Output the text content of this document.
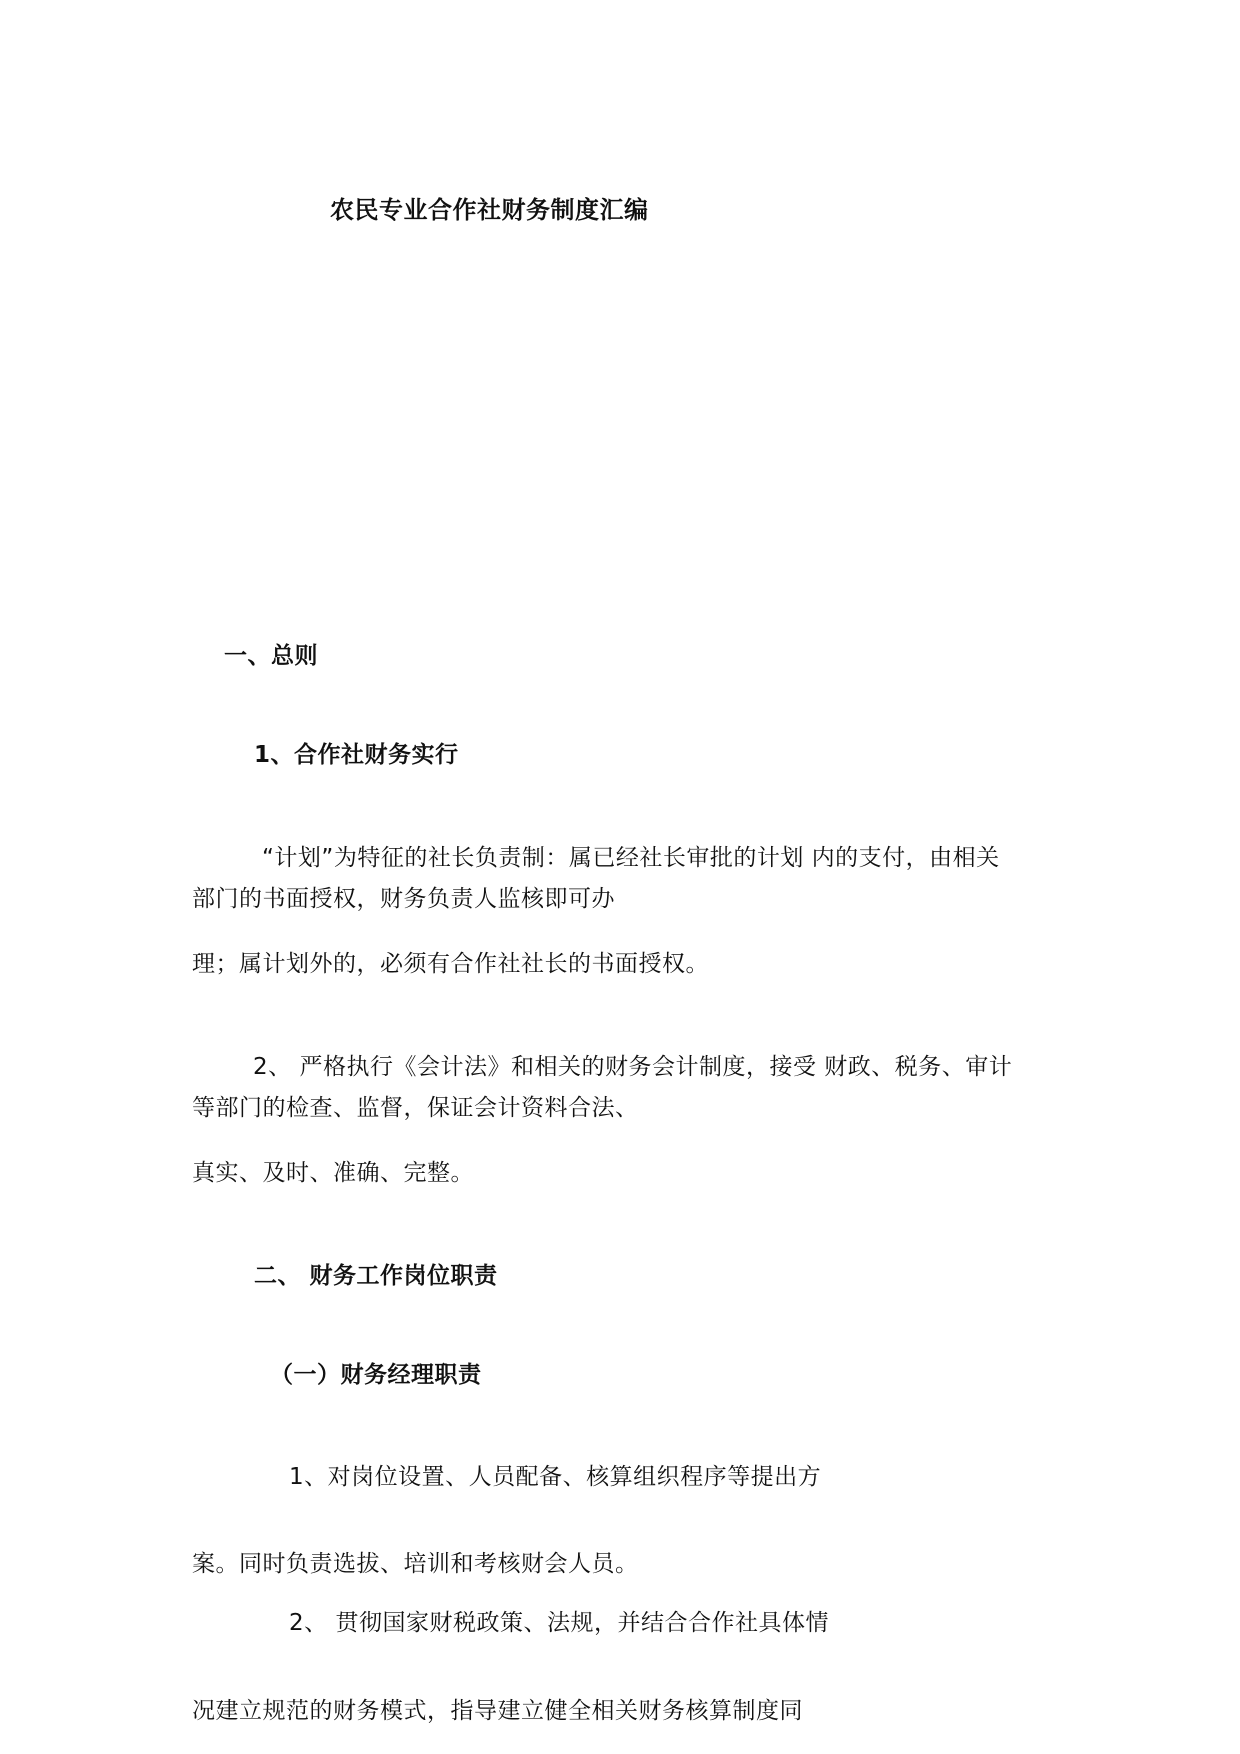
农民专业合作社财务制度汇编
一、总则
1、合作社财务实行
“计划”为特征的社长负责制：属已经社长审批的计划 内的支付，由相关
部门的书面授权，财务负责人监核即可办
理；属计划外的，必须有合作社社长的书面授权。
2、 严格执行《会计法》和相关的财务会计制度，接受 财政、税务、审计
等部门的检查、监督，保证会计资料合法、
真实、及时、准确、完整。
二、 财务工作岗位职责
（一）财务经理职责
1、对岗位设置、人员配备、核算组织程序等提出方
案。同时负责选拔、培训和考核财会人员。
2、 贯彻国家财税政策、法规，并结合合作社具体情
况建立规范的财务模式，指导建立健全相关财务核算制度同
